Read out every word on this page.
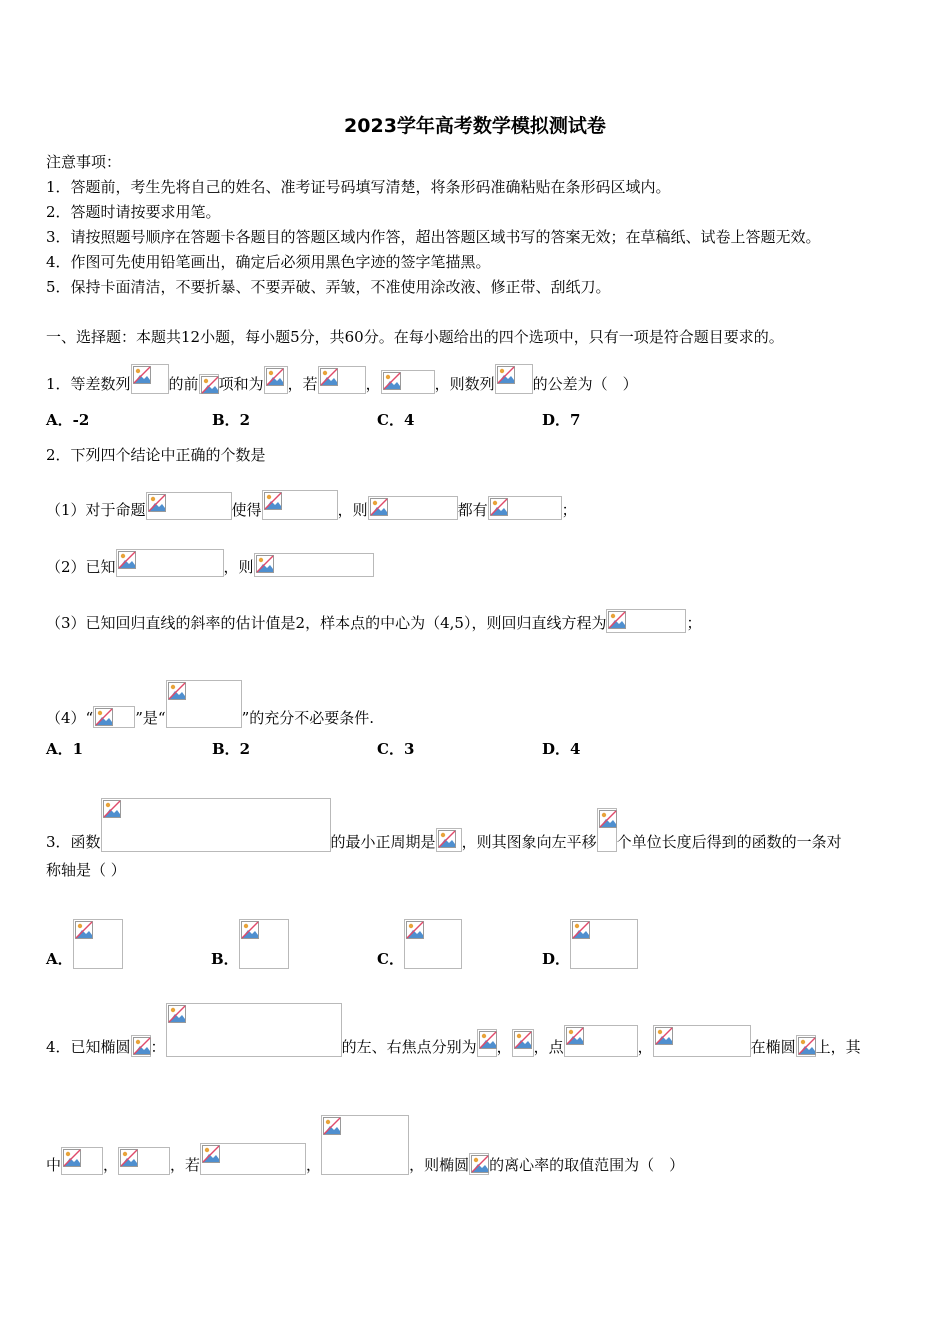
2023学年高考数学模拟测试卷
注意事项：
1．答题前，考生先将自己的姓名、准考证号码填写清楚，将条形码准确粘贴在条形码区域内。
2．答题时请按要求用笔。
3．请按照题号顺序在答题卡各题目的答题区域内作答，超出答题区域书写的答案无效；在草稿纸、试卷上答题无效。
4．作图可先使用铅笔画出，确定后必须用黑色字迹的签字笔描黑。
5．保持卡面清洁，不要折暴、不要弄破、弄皱，不准使用涂改液、修正带、刮纸刀。
一、选择题：本题共12小题，每小题5分，共60分。在每小题给出的四个选项中，只有一项是符合题目要求的。
1．等差数列	的前 项和为 ，若	，	，则数列	的公差为（　）
A．-2	B．2	C．4	D．7
2．下列四个结论中正确的个数是
（1）对于命题	使得	，则	都有	；
（2）已知	，则
（3）已知回归直线的斜率的估计值是2，样本点的中心为（4,5），则回归直线方程为	；
（4）“	”是“	”的充分不必要条件.
A．1	B．2	C．3	D．4
3．函数	的最小正周期是 ，则其图象向左平移 个单位长度后得到的函数的一条对
称轴是（ ）
A．	B．	C．	D．
4．已知椭圆 ：	的左、右焦点分别为 ， ，点	，	在椭圆 上，其
中	，	，若	，	，则椭圆 的离心率的取值范围为（　）
